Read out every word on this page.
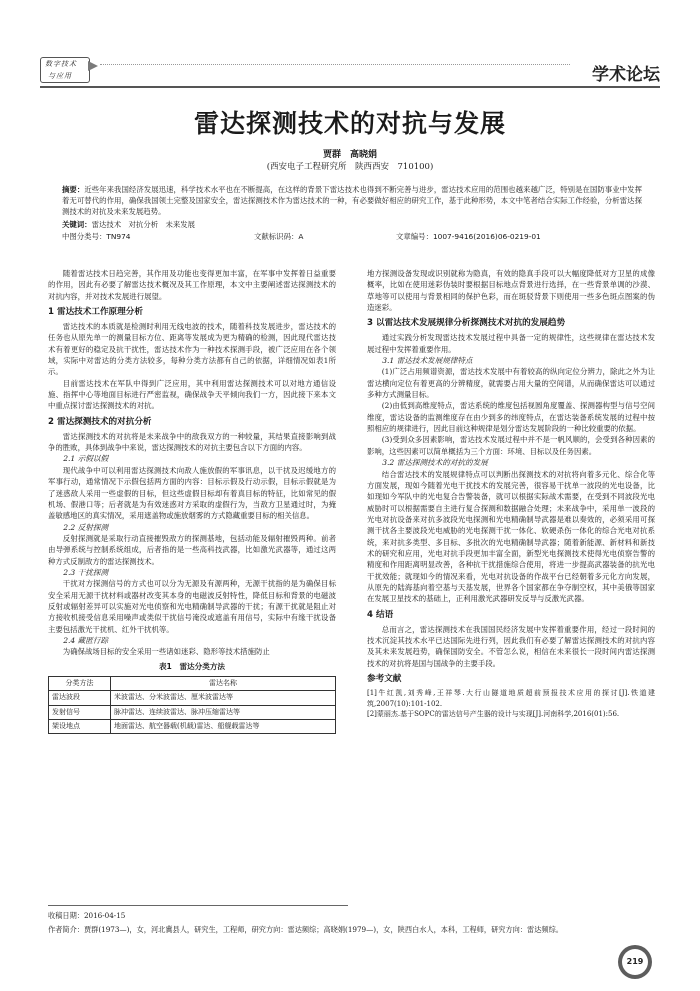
数字技术
与应用	学术论坛
雷达探测技术的对抗与发展
贾群　高晓娟
(西安电子工程研究所　陕西西安　710100)
摘要：近些年来我国经济发展迅速，科学技术水平也在不断提高，在这样的背景下雷达技术也得到不断完善与进步，雷达技术应用的范围也越来越广泛，特别是在国防事业中发挥着无可替代的作用，确保我国领土完整及国家安全，雷达探测技术作为雷达技术的一种，有必要做好相应的研究工作，基于此种形势，本文中笔者结合实际工作经验，分析雷达探测技术的对抗及未来发展趋势。
关键词：雷达技术　对抗分析　未来发展
中图分类号：TN974	文献标识码：A	文章编号：1007-9416(2016)06-0219-01

随着雷达技术日趋完善，其作用及功能也变得更加丰富，在军事中发挥着日益重要的作用，因此有必要了解雷达技术概况及其工作原理，本文中主要阐述雷达探测技术的对抗内容，并对技术发展进行展望。

1 雷达技术工作原理分析

雷达技术的本质就是检测时利用无线电波的技术，随着科技发展进步，雷达技术的任务也从原先单一的测量目标方位、距离等发展成为更为精确的检测，因此现代雷达技术有着更好的稳定及抗干扰性，雷达技术作为一种技术探测手段，被广泛应用在各个领域，实际中对雷达的分类方法较多，每种分类方法都有自己的依据，详细情况如表1所示。

目前雷达技术在军队中得到广泛应用，其中利用雷达探测技术可以对地方通信设施、指挥中心等地面目标进行严密监视，确保战争天平倾向我们一方，因此接下来本文中重点探讨雷达探测技术的对抗。

2 雷达探测技术的对抗分析

雷达探测技术的对抗将是未来战争中的敌我双方的一种较量，其结果直接影响到战争的胜败，具体到战争中来说，雷达探测技术的对抗主要包含以下方面的内容。

2.1 示假以假

现代战争中可以利用雷达探测技术向敌人施放假的军事讯息，以干扰及迟缓地方的军事行动，通常情况下示假包括两方面的内容：目标示假及行动示假，目标示假就是为了迷惑敌人采用一些虚假的目标，但这些虚假目标却有着真目标的特征，比如常见的假机场、假港口等；后者就是为有效迷惑对方采取的虚假行为，当敌方卫星通过时，为掩盖敏感地区的真实情况，采用遮盖物或施放烟雾的方式隐藏重要目标的相关信息。

2.2 反射探测

反射探测就是采取行动直接摧毁敌方的探测基地，包括动能及辐射摧毁两种。前者由导弹系统与控制系统组成，后者指的是一些高科技武器，比如激光武器等，通过这两种方式反制敌方的雷达探测技术。

2.3 干扰探测

干扰对方探测信号的方式也可以分为无源及有源两种，无源干扰指的是为确保目标安全采用无源干扰材料或器材改变其本身的电磁波反射特性，降低目标和背景的电磁波反射或辐射差异可以实施对光电侦察和光电精确制导武器的干扰；有源干扰就是阻止对方接收机接受信息采用噪声或类似干扰信号淹没或遮盖有用信号，实际中有缘干扰设备主要包括激光干扰机、红外干扰机等。

2.4 藏匿行踪

为确保战场目标的安全采用一些诸如迷彩、隐形等技术措施防止

表1　雷达分类方法
分类方法	雷达名称
雷达波段	米波雷达、分米波雷达、厘米波雷达等
发射信号	脉冲雷达、连续波雷达、脉冲压缩雷达等
架设地点	地面雷达、航空器载(机载)雷达、船舰载雷达等

地方探测设备发现或识别就称为隐真，有效的隐真手段可以大幅度降低对方卫星的成像概率，比如在使用迷彩伪装时要根据目标地点背景进行选择，在一些背景单调的沙漠、草地等可以使用与背景相同的保护色彩，而在斑驳背景下则使用一些多色斑点图案的伪造迷彩。

3 以雷达技术发展规律分析探测技术对抗的发展趋势

通过实践分析发现雷达技术发展过程中具备一定的规律性，这些规律在雷达技术发展过程中发挥着重要作用。

3.1 雷达技术发展规律特点

(1)广泛占用频谱资源，雷达技术发展中有着较高的纵向定位分辨力，除此之外为让雷达横向定位有着更高的分辨精度，就需要占用大量的空间谱，从而确保雷达可以通过多种方式测量目标。

(2)由低到高维度特点，雷达系统的维度包括视圆角度覆盖、探测器构型与信号空间维度，雷达设备的监测维度存在由少到多的纬度特点，在雷达装备系统发展的过程中按照相应的规律进行，因此目前这种规律是划分雷达发展阶段的一种比较重要的依据。

(3)受到众多因素影响，雷达技术发展过程中并不是一帆风顺的，会受到各种因素的影响，这些因素可以简单概括为三个方面：环境、目标以及任务因素。

3.2 雷达探测技术的对抗的发展

结合雷达技术的发展规律特点可以判断出探测技术的对抗将向着多元化、综合化等方面发展，现如今随着光电干扰技术的发展完善，很容易干扰单一波段的光电设备，比如现如今军队中的光电复合告警装备，就可以根据实际战术需要，在受到不同波段光电威胁时可以根据需要自主进行复合探测和数据融合处理；未来战争中，采用单一波段的光电对抗设备来对抗多波段光电探测和光电精确制导武器是难以奏效的，必须采用可探测干扰各主要波段光电威胁的光电探测干扰一体化、软硬杀伤一体化的综合光电对抗系统，来对抗多类型、多目标、多批次的光电精确制导武器；随着新能源、新材料和新技术的研究和应用，光电对抗手段更加丰富全面，新型光电探测技术使得光电侦察告警的精度和作用距离明显改善，各种抗干扰措施综合使用，将进一步提高武器装备的抗光电干扰效能；就现如今的情况来看，光电对抗设备的作战平台已经朝着多元化方向发展，从原先的陆海基向着空基与天基发展，世界各个国家都在争夺制空权，其中美俄等国家在发展卫星技术的基础上，正利用激光武器研发反导与反激光武器。

4 结语

总而言之，雷达探测技术在我国国民经济发展中发挥着重要作用，经过一段时间的技术沉淀其技术水平已达国际先进行列，因此我们有必要了解雷达探测技术的对抗内容及其未来发展趋势，确保国防安全。不管怎么说，相信在未来很长一段时间内雷达探测技术的对抗将是国与国战争的主要手段。

参考文献

[1]牛红凯,刘秀峰,王祥琴.大行山隧道地质超前预报技术应用的探讨[J].铁道建筑,2007(10):101-102.

[2]蒙丽杰.基于SOPC的雷达信号产生器的设计与实现[J].河南科学,2016(01):56.

收稿日期：2016-04-15
作者简介：贾群(1973—)，女，河北冀县人，研究生，工程师，研究方向：雷达频综；高晓娟(1979—)，女，陕西白水人，本科，工程师，研究方向：雷达频综。
219
